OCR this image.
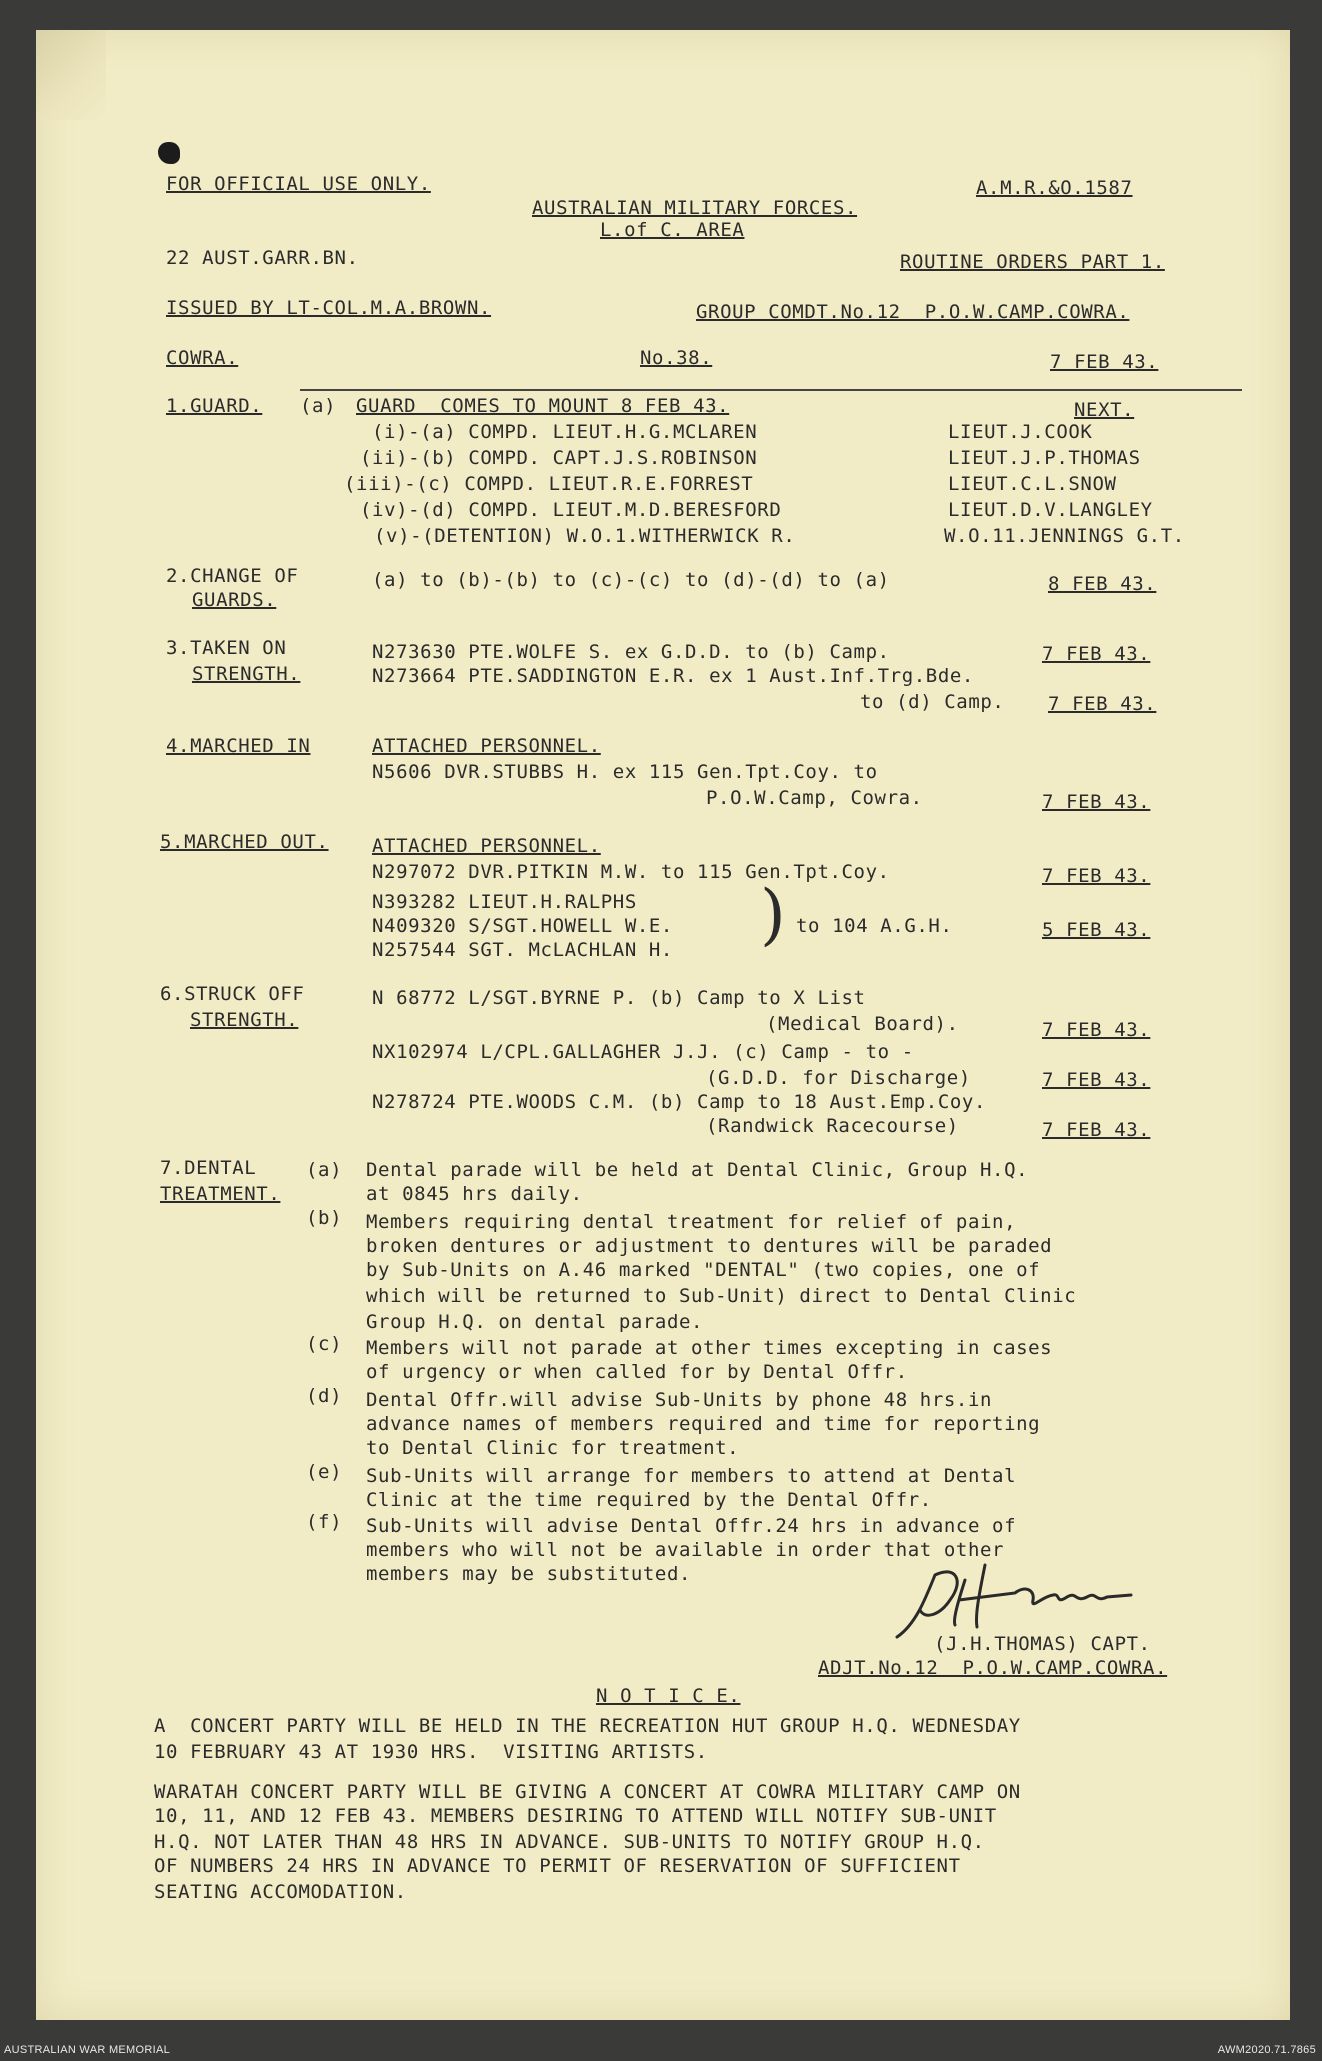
FOR OFFICIAL USE ONLY.	A.M.R.&O.1587
AUSTRALIAN MILITARY FORCES.
L.of C. AREA
22 AUST.GARR.BN.	ROUTINE ORDERS PART 1.
ISSUED BY LT-COL.M.A.BROWN.	GROUP COMDT.No.12  P.O.W.CAMP.COWRA.
COWRA.	No.38.	7 FEB 43.
1.GUARD. (a) GUARD  COMES TO MOUNT 8 FEB 43.	NEXT.
(i)-(a) COMPD. LIEUT.H.G.MCLAREN	LIEUT.J.COOK
(ii)-(b) COMPD. CAPT.J.S.ROBINSON	LIEUT.J.P.THOMAS
(iii)-(c) COMPD. LIEUT.R.E.FORREST	LIEUT.C.L.SNOW
(iv)-(d) COMPD. LIEUT.M.D.BERESFORD	LIEUT.D.V.LANGLEY
(v)-(DETENTION) W.O.1.WITHERWICK R.	W.O.11.JENNINGS G.T.
2.CHANGE OF
GUARDS.
(a) to (b)-(b) to (c)-(c) to (d)-(d) to (a)	8 FEB 43.
3.TAKEN ON
STRENGTH.
N273630 PTE.WOLFE S. ex G.D.D. to (b) Camp.	7 FEB 43.
N273664 PTE.SADDINGTON E.R. ex 1 Aust.Inf.Trg.Bde.
to (d) Camp. 7 FEB 43.
4.MARCHED IN	ATTACHED PERSONNEL.
N5606 DVR.STUBBS H. ex 115 Gen.Tpt.Coy. to
P.O.W.Camp, Cowra.	7 FEB 43.
5.MARCHED OUT. ATTACHED PERSONNEL.
N297072 DVR.PITKIN M.W. to 115 Gen.Tpt.Coy.	7 FEB 43.
N393282 LIEUT.H.RALPHS
N409320 S/SGT.HOWELL W.E.
N257544 SGT. McLACHLAN H. ) to 104 A.G.H.	5 FEB 43.
6.STRUCK OFF
STRENGTH.
N 68772 L/SGT.BYRNE P. (b) Camp to X List
(Medical Board).	7 FEB 43.
NX102974 L/CPL.GALLAGHER J.J. (c) Camp - to -
(G.D.D. for Discharge)	7 FEB 43.
N278724 PTE.WOODS C.M. (b) Camp to 18 Aust.Emp.Coy.
(Randwick Racecourse)	7 FEB 43.
7.DENTAL
TREATMENT.
(a) Dental parade will be held at Dental Clinic, Group H.Q.
at 0845 hrs daily.
(b) Members requiring dental treatment for relief of pain,
broken dentures or adjustment to dentures will be paraded
by Sub-Units on A.46 marked "DENTAL" (two copies, one of
which will be returned to Sub-Unit) direct to Dental Clinic
Group H.Q. on dental parade.
(c) Members will not parade at other times excepting in cases
of urgency or when called for by Dental Offr.
(d) Dental Offr.will advise Sub-Units by phone 48 hrs.in
advance names of members required and time for reporting
to Dental Clinic for treatment.
(e) Sub-Units will arrange for members to attend at Dental
Clinic at the time required by the Dental Offr.
(f) Sub-Units will advise Dental Offr.24 hrs in advance of
members who will not be available in order that other
members may be substituted.
(J.H.THOMAS) CAPT.
ADJT.No.12  P.O.W.CAMP.COWRA.
N O T I C E.
A  CONCERT PARTY WILL BE HELD IN THE RECREATION HUT GROUP H.Q. WEDNESDAY
10 FEBRUARY 43 AT 1930 HRS.  VISITING ARTISTS.
WARATAH CONCERT PARTY WILL BE GIVING A CONCERT AT COWRA MILITARY CAMP ON
10, 11, AND 12 FEB 43. MEMBERS DESIRING TO ATTEND WILL NOTIFY SUB-UNIT
H.Q. NOT LATER THAN 48 HRS IN ADVANCE. SUB-UNITS TO NOTIFY GROUP H.Q.
OF NUMBERS 24 HRS IN ADVANCE TO PERMIT OF RESERVATION OF SUFFICIENT
SEATING ACCOMODATION.
AUSTRALIAN WAR MEMORIAL	AWM2020.71.7865
